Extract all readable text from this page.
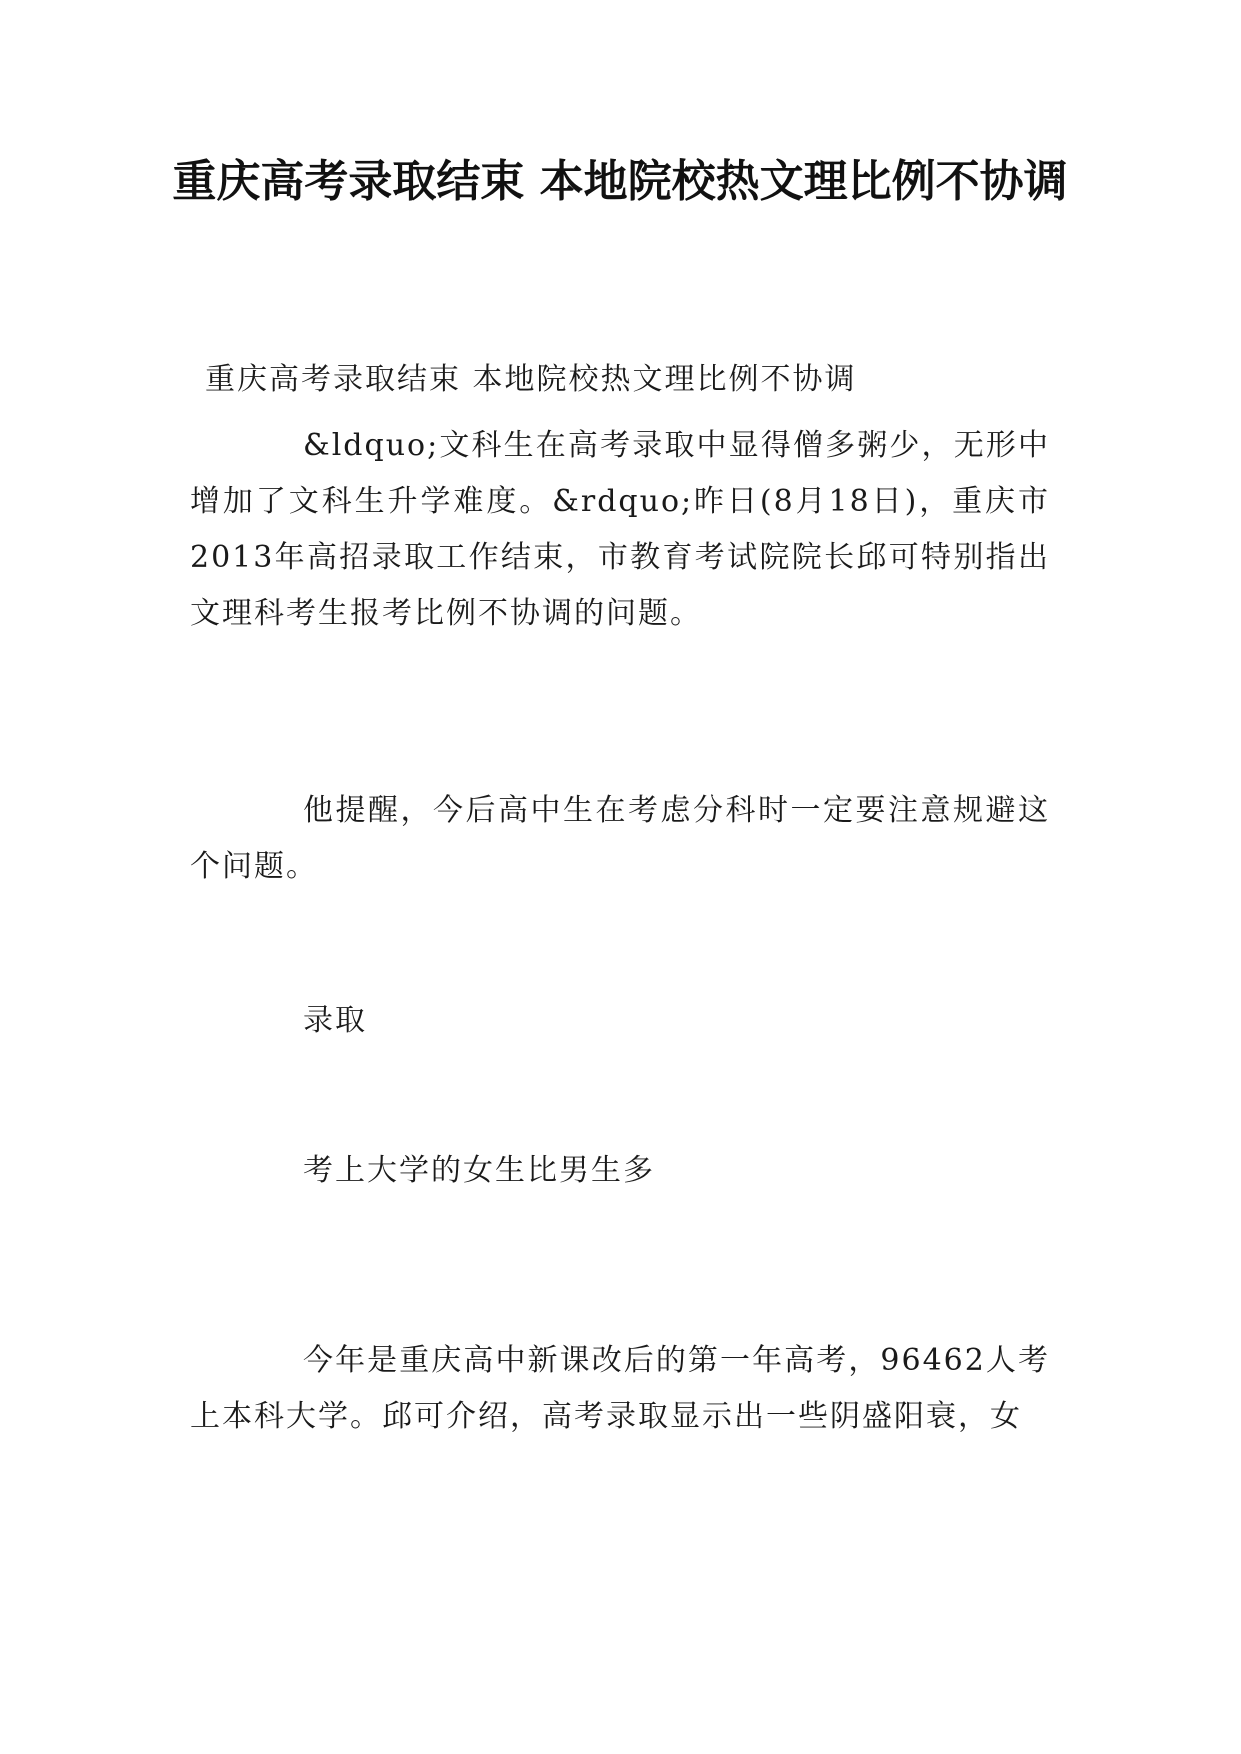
重庆高考录取结束 本地院校热文理比例不协调

重庆高考录取结束 本地院校热文理比例不协调

&ldquo;文科生在高考录取中显得僧多粥少，无形中增加了文科生升学难度。&rdquo;昨日(8月18日)，重庆市2013年高招录取工作结束，市教育考试院院长邱可特别指出文理科考生报考比例不协调的问题。

他提醒，今后高中生在考虑分科时一定要注意规避这个问题。

录取

考上大学的女生比男生多

今年是重庆高中新课改后的第一年高考，96462人考上本科大学。邱可介绍，高考录取显示出一些阴盛阳衰，女
